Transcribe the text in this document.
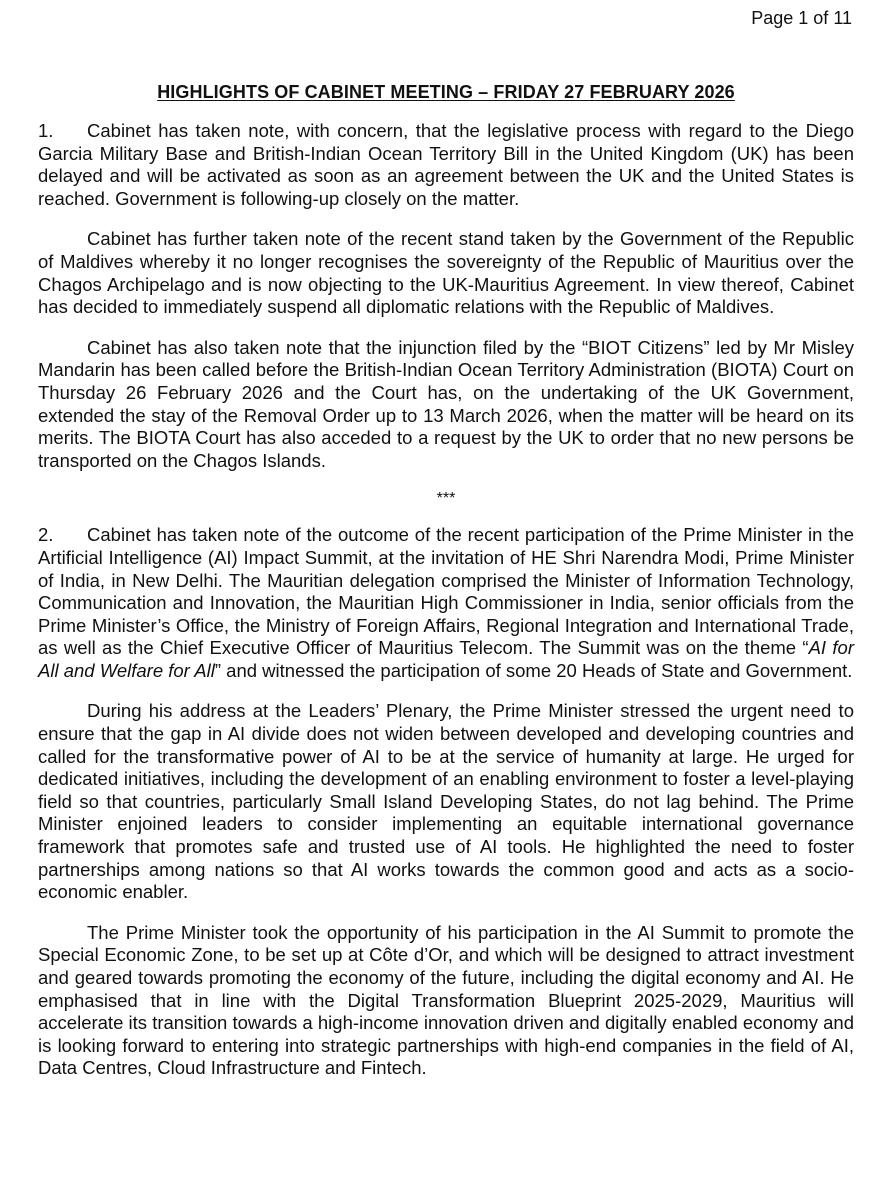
Page 1 of 11
HIGHLIGHTS OF CABINET MEETING – FRIDAY 27 FEBRUARY 2026

1. Cabinet has taken note, with concern, that the legislative process with regard to the Diego Garcia Military Base and British-Indian Ocean Territory Bill in the United Kingdom (UK) has been delayed and will be activated as soon as an agreement between the UK and the United States is reached. Government is following-up closely on the matter.

Cabinet has further taken note of the recent stand taken by the Government of the Republic of Maldives whereby it no longer recognises the sovereignty of the Republic of Mauritius over the Chagos Archipelago and is now objecting to the UK-Mauritius Agreement. In view thereof, Cabinet has decided to immediately suspend all diplomatic relations with the Republic of Maldives.

Cabinet has also taken note that the injunction filed by the “BIOT Citizens” led by Mr Misley Mandarin has been called before the British-Indian Ocean Territory Administration (BIOTA) Court on Thursday 26 February 2026 and the Court has, on the undertaking of the UK Government, extended the stay of the Removal Order up to 13 March 2026, when the matter will be heard on its merits. The BIOTA Court has also acceded to a request by the UK to order that no new persons be transported on the Chagos Islands.

***

2. Cabinet has taken note of the outcome of the recent participation of the Prime Minister in the Artificial Intelligence (AI) Impact Summit, at the invitation of HE Shri Narendra Modi, Prime Minister of India, in New Delhi. The Mauritian delegation comprised the Minister of Information Technology, Communication and Innovation, the Mauritian High Commissioner in India, senior officials from the Prime Minister’s Office, the Ministry of Foreign Affairs, Regional Integration and International Trade, as well as the Chief Executive Officer of Mauritius Telecom. The Summit was on the theme “AI for All and Welfare for All” and witnessed the participation of some 20 Heads of State and Government.

During his address at the Leaders’ Plenary, the Prime Minister stressed the urgent need to ensure that the gap in AI divide does not widen between developed and developing countries and called for the transformative power of AI to be at the service of humanity at large. He urged for dedicated initiatives, including the development of an enabling environment to foster a level-playing field so that countries, particularly Small Island Developing States, do not lag behind. The Prime Minister enjoined leaders to consider implementing an equitable international governance framework that promotes safe and trusted use of AI tools. He highlighted the need to foster partnerships among nations so that AI works towards the common good and acts as a socio-economic enabler.

The Prime Minister took the opportunity of his participation in the AI Summit to promote the Special Economic Zone, to be set up at Côte d’Or, and which will be designed to attract investment and geared towards promoting the economy of the future, including the digital economy and AI. He emphasised that in line with the Digital Transformation Blueprint 2025-2029, Mauritius will accelerate its transition towards a high-income innovation driven and digitally enabled economy and is looking forward to entering into strategic partnerships with high-end companies in the field of AI, Data Centres, Cloud Infrastructure and Fintech.
